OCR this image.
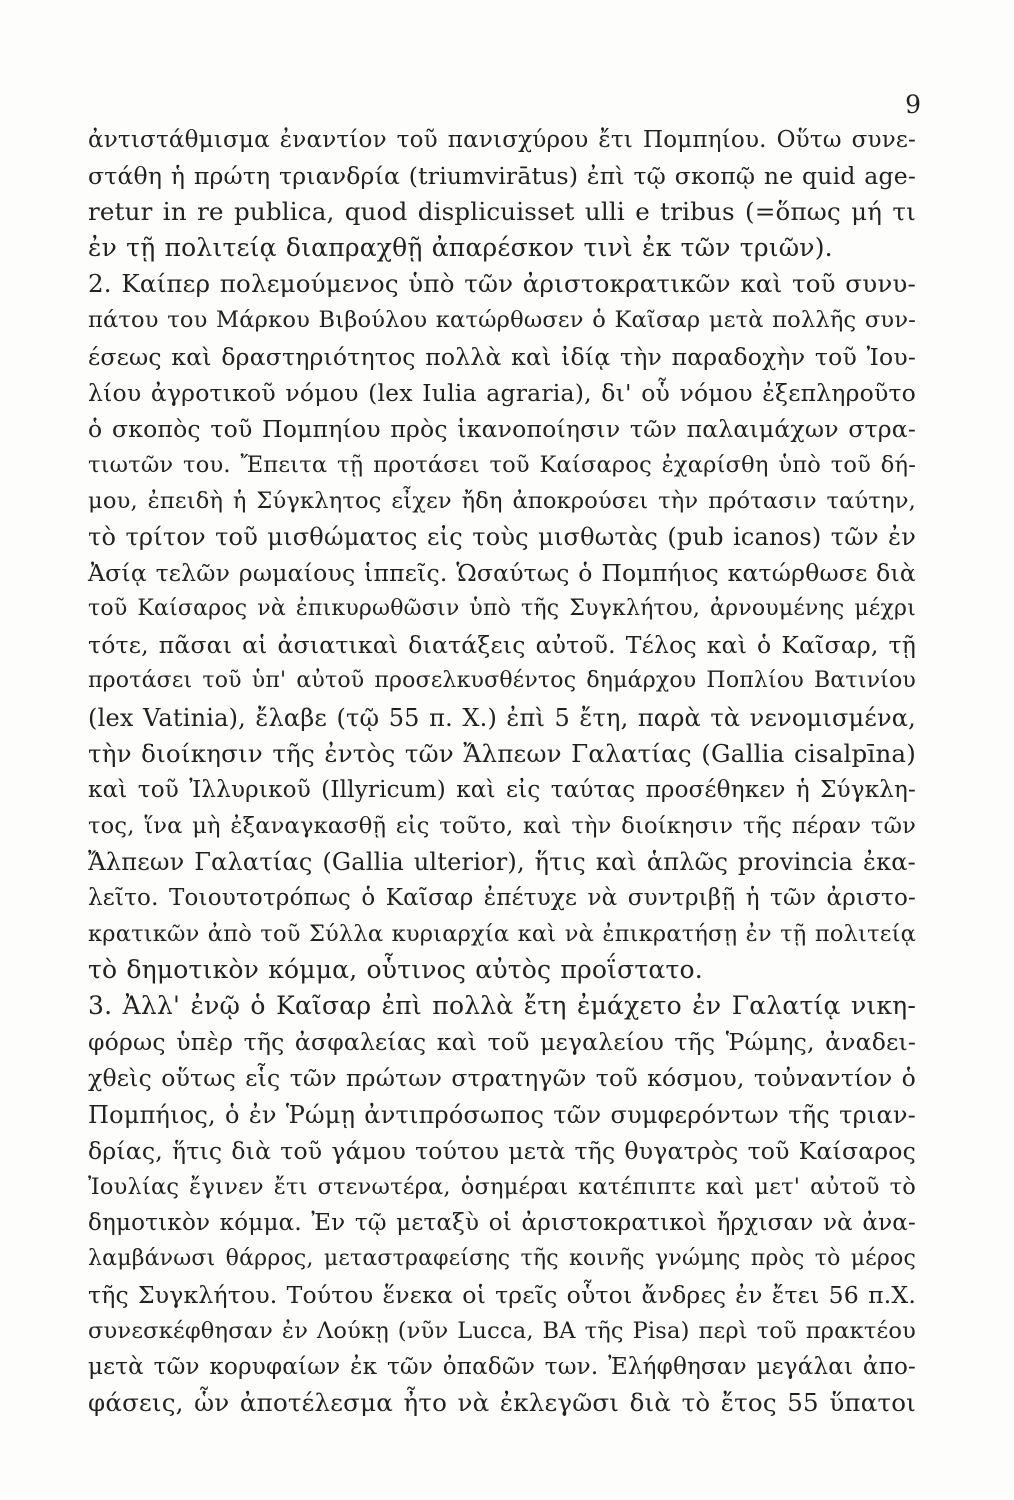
9
ἀντιστάθμισμα ἐναντίον τοῦ πανισχύρου ἔτι Πομπηίου. Οὕτω συνε-
στάθη ἡ πρώτη τριανδρία (triumvirātus) ἐπὶ τῷ σκοπῷ ne quid age-
retur in re publica, quod displicuisset ulli e tribus (=ὅπως μή τι
ἐν τῇ πολιτείᾳ διαπραχθῇ ἀπαρέσκον τινὶ ἐκ τῶν τριῶν).
2. Καίπερ πολεμούμενος ὑπὸ τῶν ἀριστοκρατικῶν καὶ τοῦ συνυ-
πάτου του Μάρκου Βιβούλου κατώρθωσεν ὁ Καῖσαρ μετὰ πολλῆς συν-
έσεως καὶ δραστηριότητος πολλὰ καὶ ἰδίᾳ τὴν παραδοχὴν τοῦ Ἰου-
λίου ἀγροτικοῦ νόμου (lex Iulia agraria), δι' οὗ νόμου ἐξεπληροῦτο
ὁ σκοπὸς τοῦ Πομπηίου πρὸς ἱκανοποίησιν τῶν παλαιμάχων στρα-
τιωτῶν του. Ἔπειτα τῇ προτάσει τοῦ Καίσαρος ἐχαρίσθη ὑπὸ τοῦ δή-
μου, ἐπειδὴ ἡ Σύγκλητος εἶχεν ἤδη ἀποκρούσει τὴν πρότασιν ταύτην,
τὸ τρίτον τοῦ μισθώματος εἰς τοὺς μισθωτὰς (pub icanos) τῶν ἐν
Ἀσίᾳ τελῶν ρωμαίους ἱππεῖς. Ὡσαύτως ὁ Πομπήιος κατώρθωσε διὰ
τοῦ Καίσαρος νὰ ἐπικυρωθῶσιν ὑπὸ τῆς Συγκλήτου, ἀρνουμένης μέχρι
τότε, πᾶσαι αἱ ἀσιατικαὶ διατάξεις αὐτοῦ. Τέλος καὶ ὁ Καῖσαρ, τῇ
προτάσει τοῦ ὑπ' αὐτοῦ προσελκυσθέντος δημάρχου Ποπλίου Βατινίου
(lex Vatinia), ἔλαβε (τῷ 55 π. Χ.) ἐπὶ 5 ἔτη, παρὰ τὰ νενομισμένα,
τὴν διοίκησιν τῆς ἐντὸς τῶν Ἄλπεων Γαλατίας (Gallia cisalpīna)
καὶ τοῦ Ἰλλυρικοῦ (Illyricum) καὶ εἰς ταύτας προσέθηκεν ἡ Σύγκλη-
τος, ἵνα μὴ ἐξαναγκασθῇ εἰς τοῦτο, καὶ τὴν διοίκησιν τῆς πέραν τῶν
Ἄλπεων Γαλατίας (Gallia ulterior), ἥτις καὶ ἁπλῶς provincia ἐκα-
λεῖτο. Τοιουτοτρόπως ὁ Καῖσαρ ἐπέτυχε νὰ συντριβῇ ἡ τῶν ἀριστο-
κρατικῶν ἀπὸ τοῦ Σύλλα κυριαρχία καὶ νὰ ἐπικρατήσῃ ἐν τῇ πολιτείᾳ
τὸ δημοτικὸν κόμμα, οὗτινος αὐτὸς προΐστατο.
3. Ἀλλ' ἐνῷ ὁ Καῖσαρ ἐπὶ πολλὰ ἔτη ἐμάχετο ἐν Γαλατίᾳ νικη-
φόρως ὑπὲρ τῆς ἀσφαλείας καὶ τοῦ μεγαλείου τῆς Ῥώμης, ἀναδει-
χθεὶς οὕτως εἷς τῶν πρώτων στρατηγῶν τοῦ κόσμου, τοὐναντίον ὁ
Πομπήιος, ὁ ἐν Ῥώμῃ ἀντιπρόσωπος τῶν συμφερόντων τῆς τριαν-
δρίας, ἥτις διὰ τοῦ γάμου τούτου μετὰ τῆς θυγατρὸς τοῦ Καίσαρος
Ἰουλίας ἔγινεν ἔτι στενωτέρα, ὁσημέραι κατέπιπτε καὶ μετ' αὐτοῦ τὸ
δημοτικὸν κόμμα. Ἐν τῷ μεταξὺ οἱ ἀριστοκρατικοὶ ἤρχισαν νὰ ἀνα-
λαμβάνωσι θάρρος, μεταστραφείσης τῆς κοινῆς γνώμης πρὸς τὸ μέρος
τῆς Συγκλήτου. Τούτου ἕνεκα οἱ τρεῖς οὗτοι ἄνδρες ἐν ἔτει 56 π.Χ.
συνεσκέφθησαν ἐν Λούκῃ (νῦν Lucca, ΒΑ τῆς Pisa) περὶ τοῦ πρακτέου
μετὰ τῶν κορυφαίων ἐκ τῶν ὀπαδῶν των. Ἐλήφθησαν μεγάλαι ἀπο-
φάσεις, ὧν ἀποτέλεσμα ἦτο νὰ ἐκλεγῶσι διὰ τὸ ἔτος 55 ὕπατοι
